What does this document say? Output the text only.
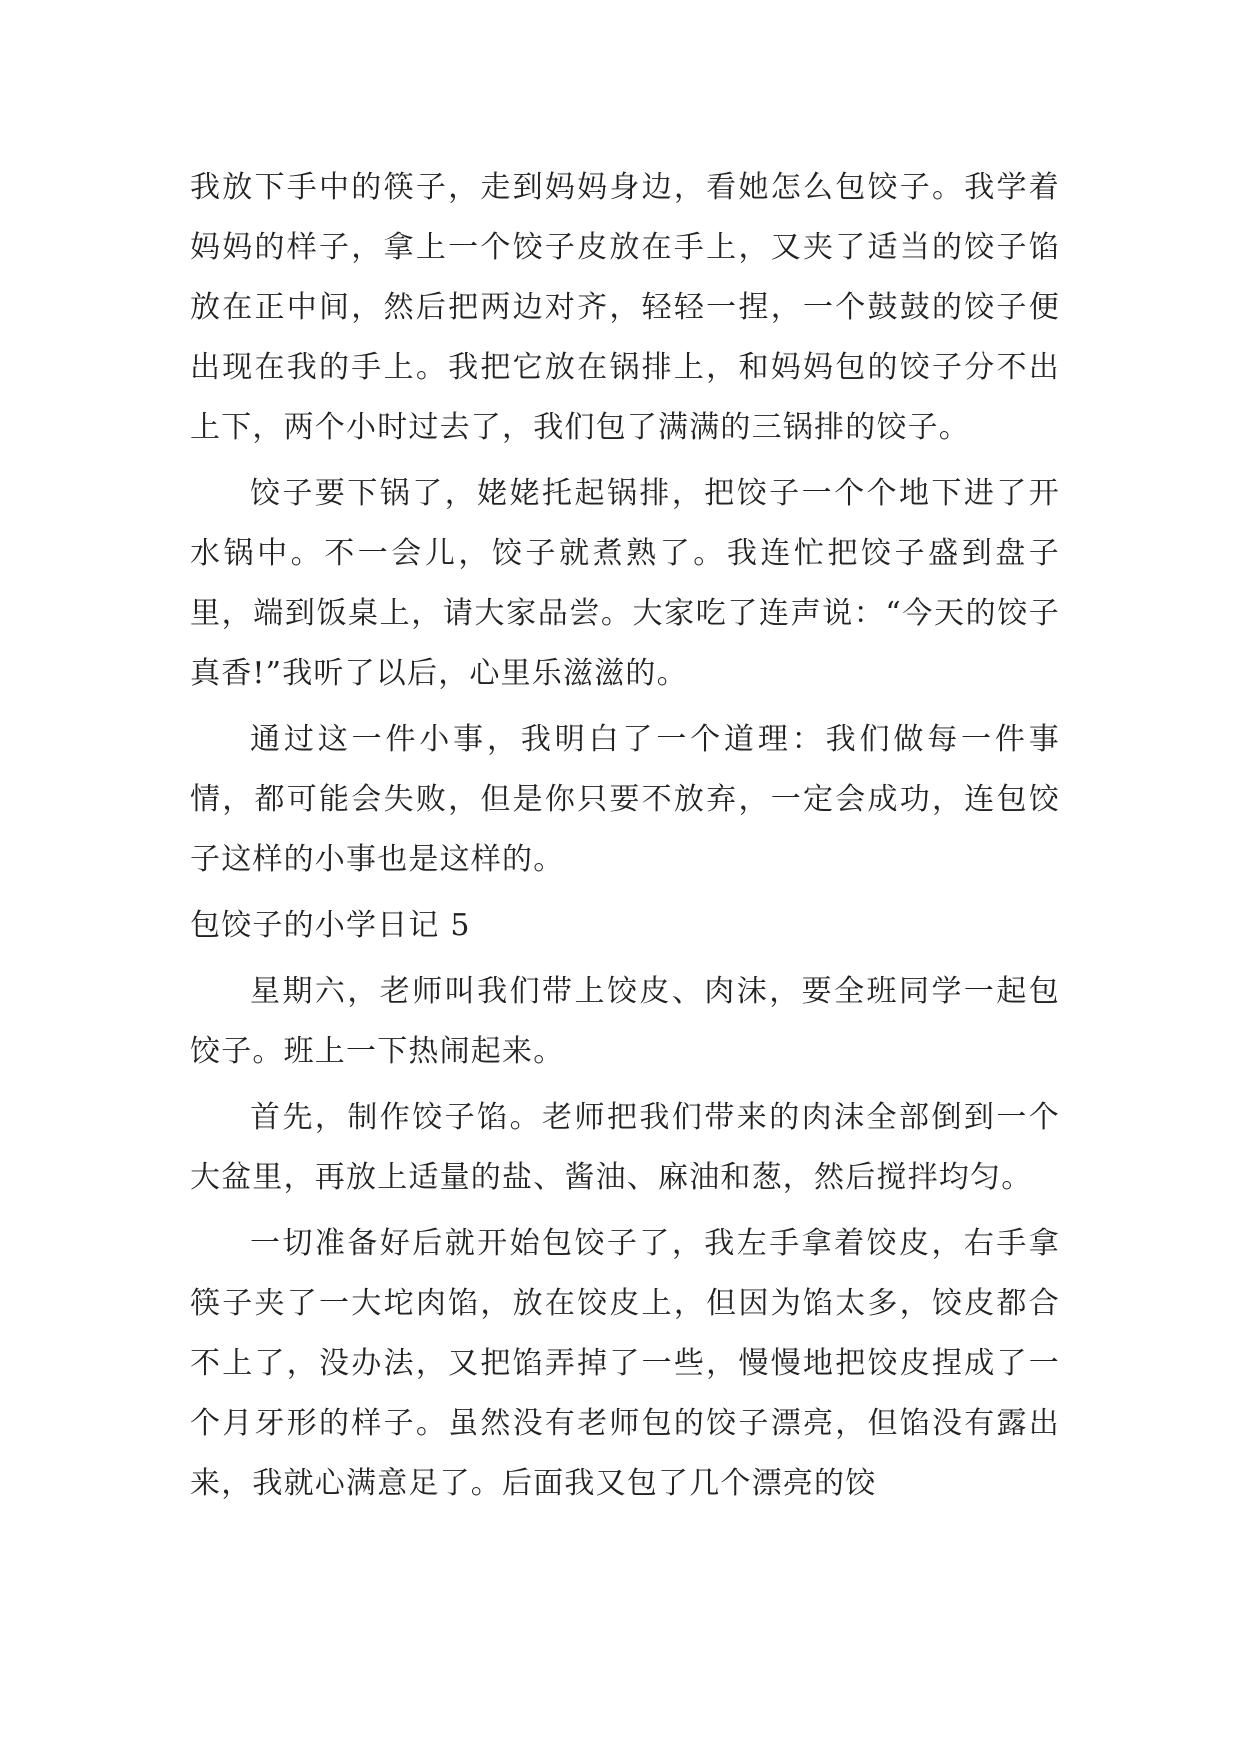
我放下手中的筷子，走到妈妈身边，看她怎么包饺子。我学着妈妈的样子，拿上一个饺子皮放在手上，又夹了适当的饺子馅放在正中间，然后把两边对齐，轻轻一捏，一个鼓鼓的饺子便出现在我的手上。我把它放在锅排上，和妈妈包的饺子分不出上下，两个小时过去了，我们包了满满的三锅排的饺子。

饺子要下锅了，姥姥托起锅排，把饺子一个个地下进了开水锅中。不一会儿，饺子就煮熟了。我连忙把饺子盛到盘子里，端到饭桌上，请大家品尝。大家吃了连声说：“今天的饺子真香!”我听了以后，心里乐滋滋的。

通过这一件小事，我明白了一个道理：我们做每一件事情，都可能会失败，但是你只要不放弃，一定会成功，连包饺子这样的小事也是这样的。

包饺子的小学日记 5

星期六，老师叫我们带上饺皮、肉沫，要全班同学一起包饺子。班上一下热闹起来。

首先，制作饺子馅。老师把我们带来的肉沫全部倒到一个大盆里，再放上适量的盐、酱油、麻油和葱，然后搅拌均匀。

一切准备好后就开始包饺子了，我左手拿着饺皮，右手拿筷子夹了一大坨肉馅，放在饺皮上，但因为馅太多，饺皮都合不上了，没办法，又把馅弄掉了一些，慢慢地把饺皮捏成了一个月牙形的样子。虽然没有老师包的饺子漂亮，但馅没有露出来，我就心满意足了。后面我又包了几个漂亮的饺
